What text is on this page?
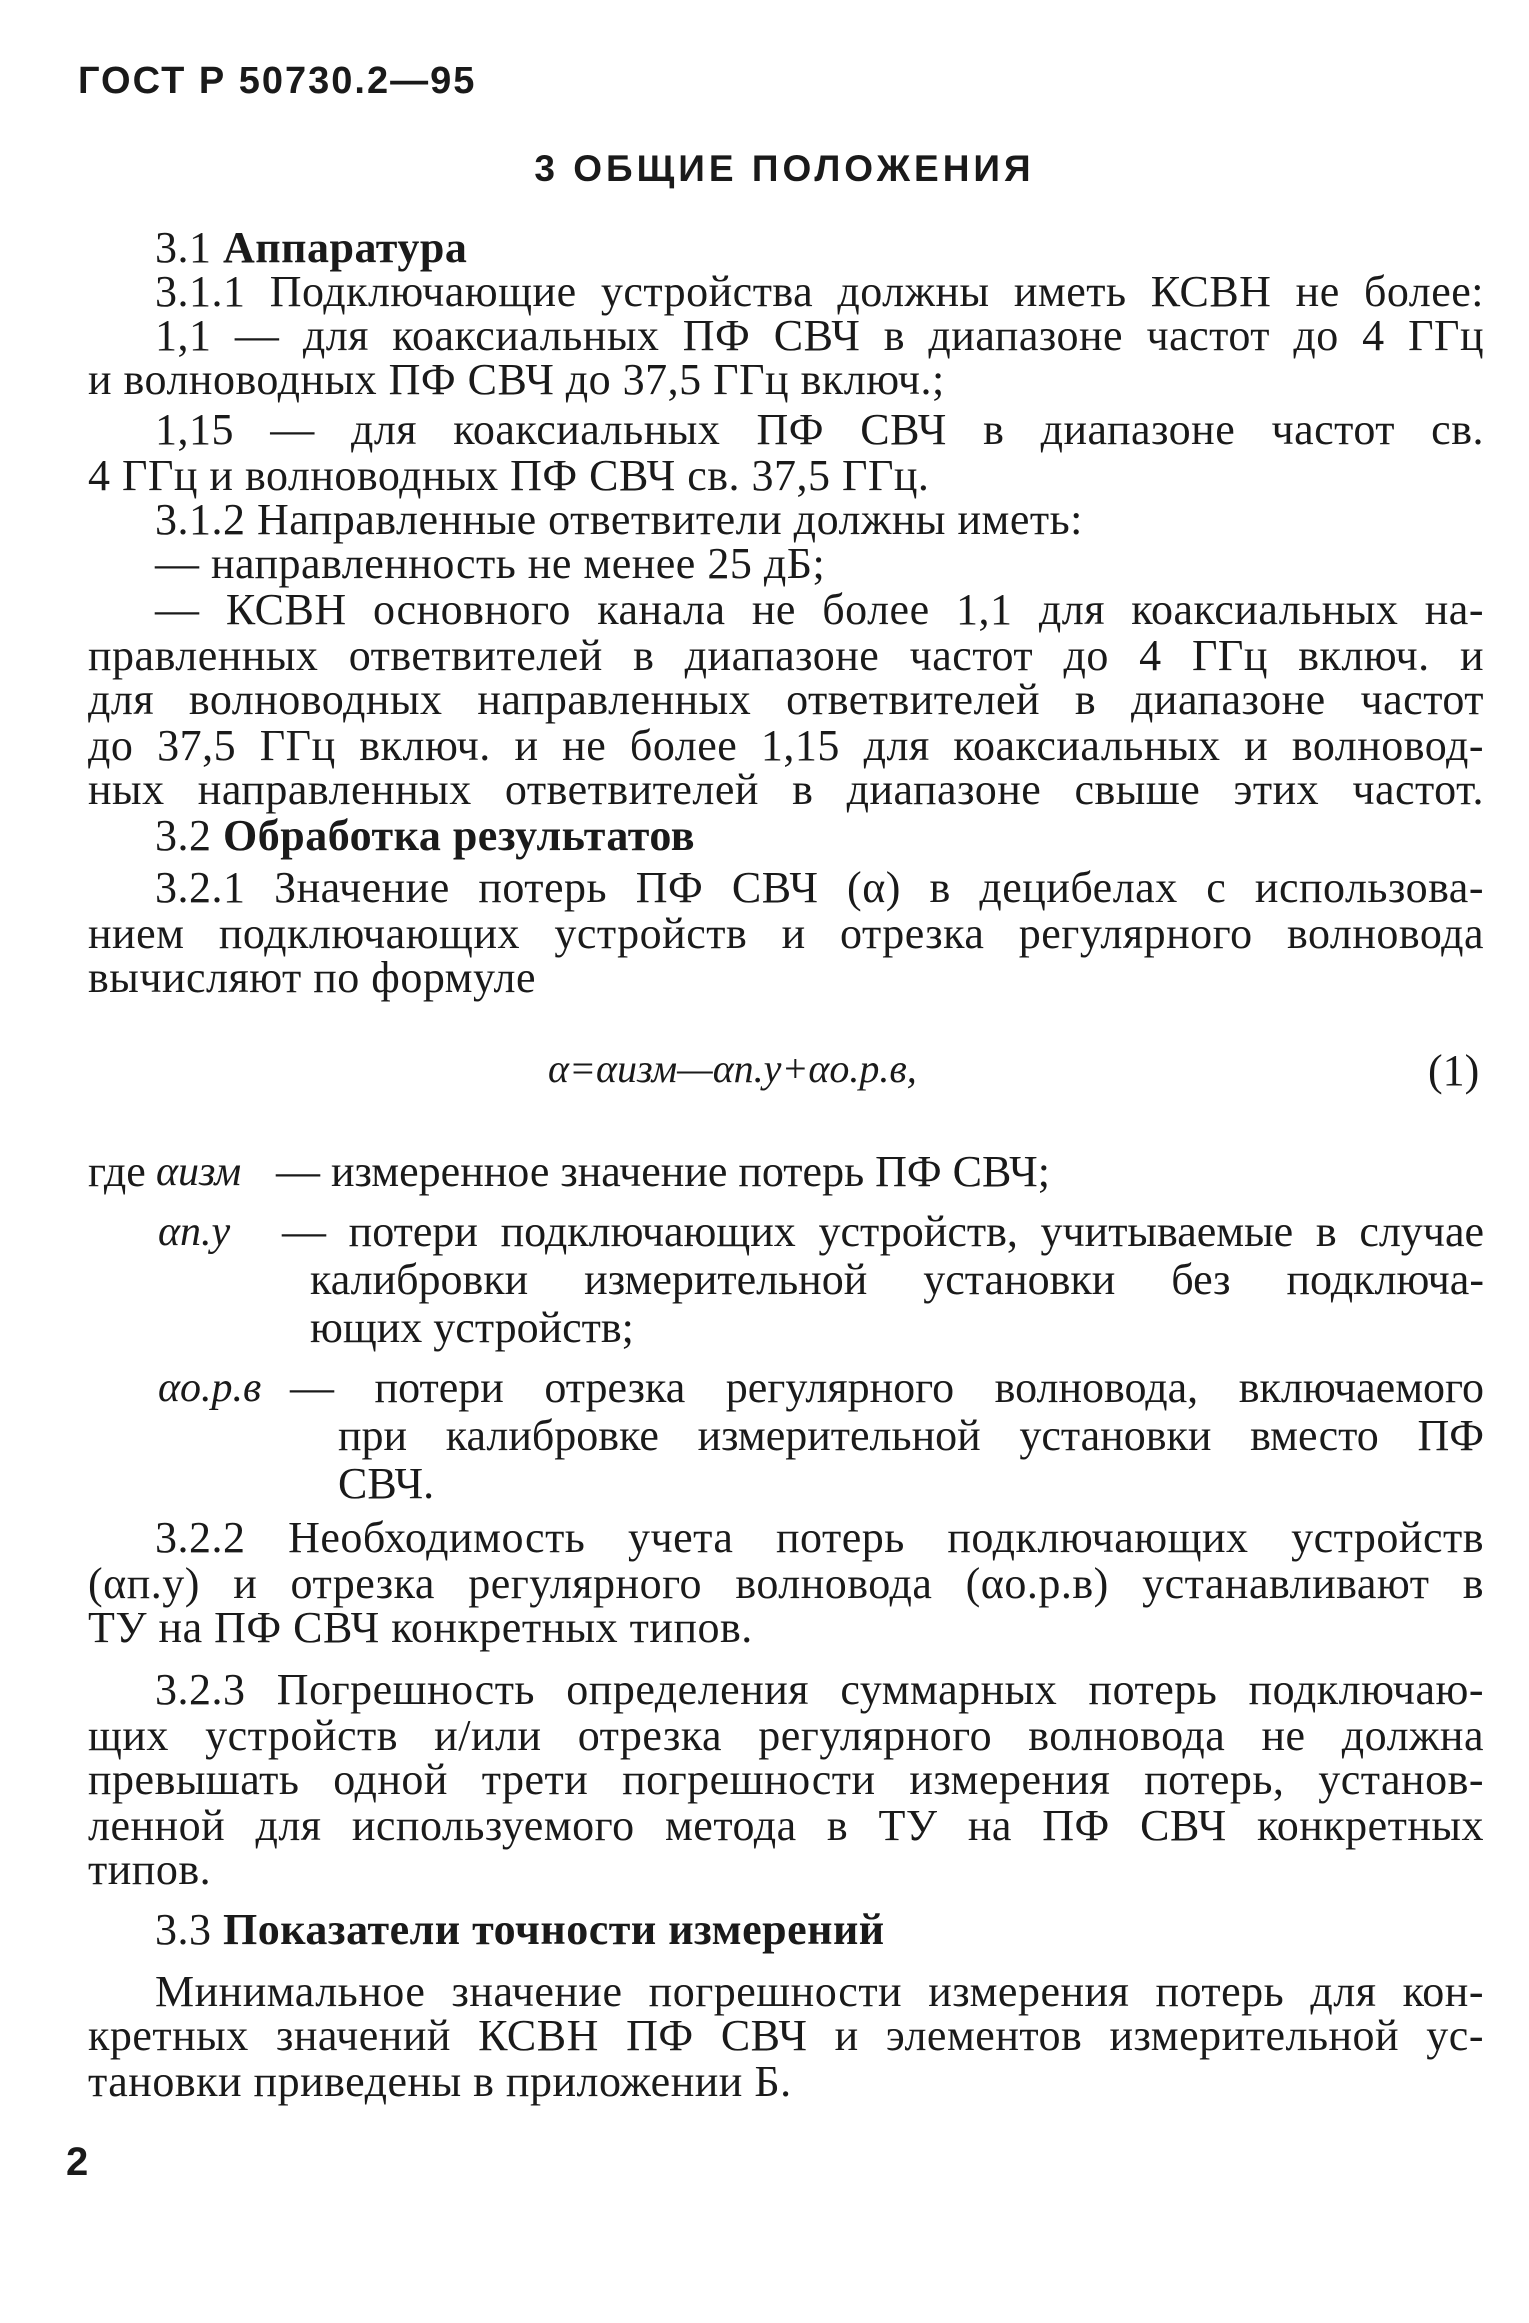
ГОСТ Р 50730.2—95
3 ОБЩИЕ ПОЛОЖЕНИЯ
3.1 Аппаратура
3.1.1 Подключающие устройства должны иметь КСВН не более:
1,1 — для коаксиальных ПФ СВЧ в диапазоне частот до 4 ГГц
и волноводных ПФ СВЧ до 37,5 ГГц включ.;
1,15 — для коаксиальных ПФ СВЧ в диапазоне частот св.
4 ГГц и волноводных ПФ СВЧ св. 37,5 ГГц.
3.1.2 Направленные ответвители должны иметь:
— направленность не менее 25 дБ;
— КСВН основного канала не более 1,1 для коаксиальных на-
правленных ответвителей в диапазоне частот до 4 ГГц включ. и
для волноводных направленных ответвителей в диапазоне частот
до 37,5 ГГц включ. и не более 1,15 для коаксиальных и волновод-
ных направленных ответвителей в диапазоне свыше этих частот.
3.2 Обработка результатов
3.2.1 Значение потерь ПФ СВЧ (α) в децибелах с использова-
нием подключающих устройств и отрезка регулярного волновода
вычисляют по формуле
α=αизм—αп.у+αо.р.в,	(1)
где αизм — измеренное значение потерь ПФ СВЧ;
αп.у — потери подключающих устройств, учитываемые в случае
калибровки измерительной установки без подключа-
ющих устройств;
αо.р.в — потери отрезка регулярного волновода, включаемого
при калибровке измерительной установки вместо ПФ
СВЧ.
3.2.2 Необходимость учета потерь подключающих устройств
(αп.у) и отрезка регулярного волновода (αо.р.в) устанавливают в
ТУ на ПФ СВЧ конкретных типов.
3.2.3 Погрешность определения суммарных потерь подключаю-
щих устройств и/или отрезка регулярного волновода не должна
превышать одной трети погрешности измерения потерь, установ-
ленной для используемого метода в ТУ на ПФ СВЧ конкретных
типов.
3.3 Показатели точности измерений
Минимальное значение погрешности измерения потерь для кон-
кретных значений КСВН ПФ СВЧ и элементов измерительной ус-
тановки приведены в приложении Б.
2
